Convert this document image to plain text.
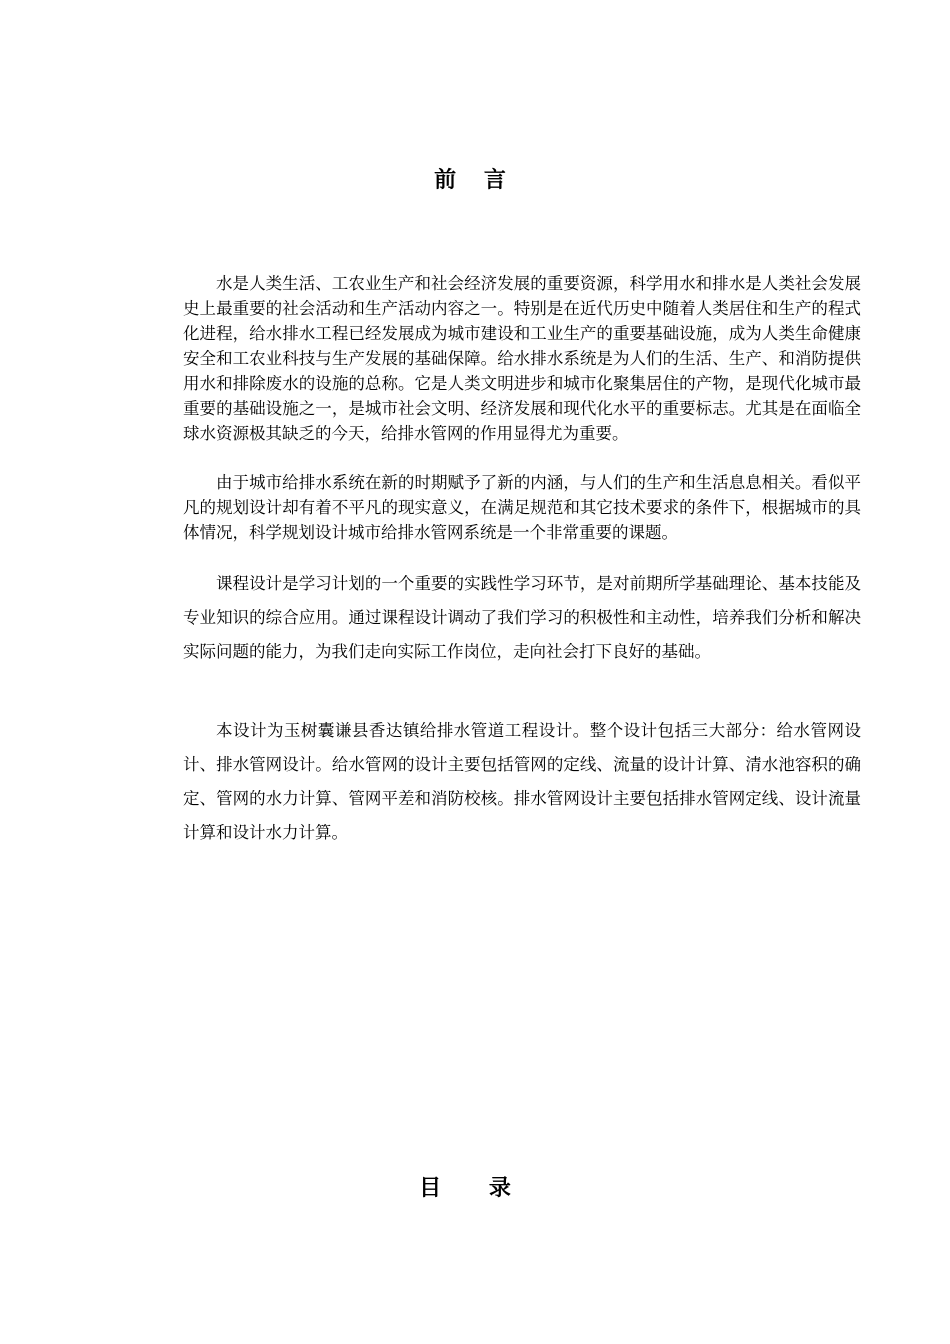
前 言

水是人类生活、工农业生产和社会经济发展的重要资源，科学用水和排水是人类社会发展史上最重要的社会活动和生产活动内容之一。特别是在近代历史中随着人类居住和生产的程式化进程，给水排水工程已经发展成为城市建设和工业生产的重要基础设施，成为人类生命健康安全和工农业科技与生产发展的基础保障。给水排水系统是为人们的生活、生产、和消防提供用水和排除废水的设施的总称。它是人类文明进步和城市化聚集居住的产物，是现代化城市最重要的基础设施之一，是城市社会文明、经济发展和现代化水平的重要标志。尤其是在面临全球水资源极其缺乏的今天，给排水管网的作用显得尤为重要。

由于城市给排水系统在新的时期赋予了新的内涵，与人们的生产和生活息息相关。看似平凡的规划设计却有着不平凡的现实意义，在满足规范和其它技术要求的条件下，根据城市的具体情况，科学规划设计城市给排水管网系统是一个非常重要的课题。

课程设计是学习计划的一个重要的实践性学习环节，是对前期所学基础理论、基本技能及专业知识的综合应用。通过课程设计调动了我们学习的积极性和主动性，培养我们分析和解决实际问题的能力，为我们走向实际工作岗位，走向社会打下良好的基础。

本设计为玉树囊谦县香达镇给排水管道工程设计。整个设计包括三大部分：给水管网设计、排水管网设计。给水管网的设计主要包括管网的定线、流量的设计计算、清水池容积的确定、管网的水力计算、管网平差和消防校核。排水管网设计主要包括排水管网定线、设计流量计算和设计水力计算。

目 录
